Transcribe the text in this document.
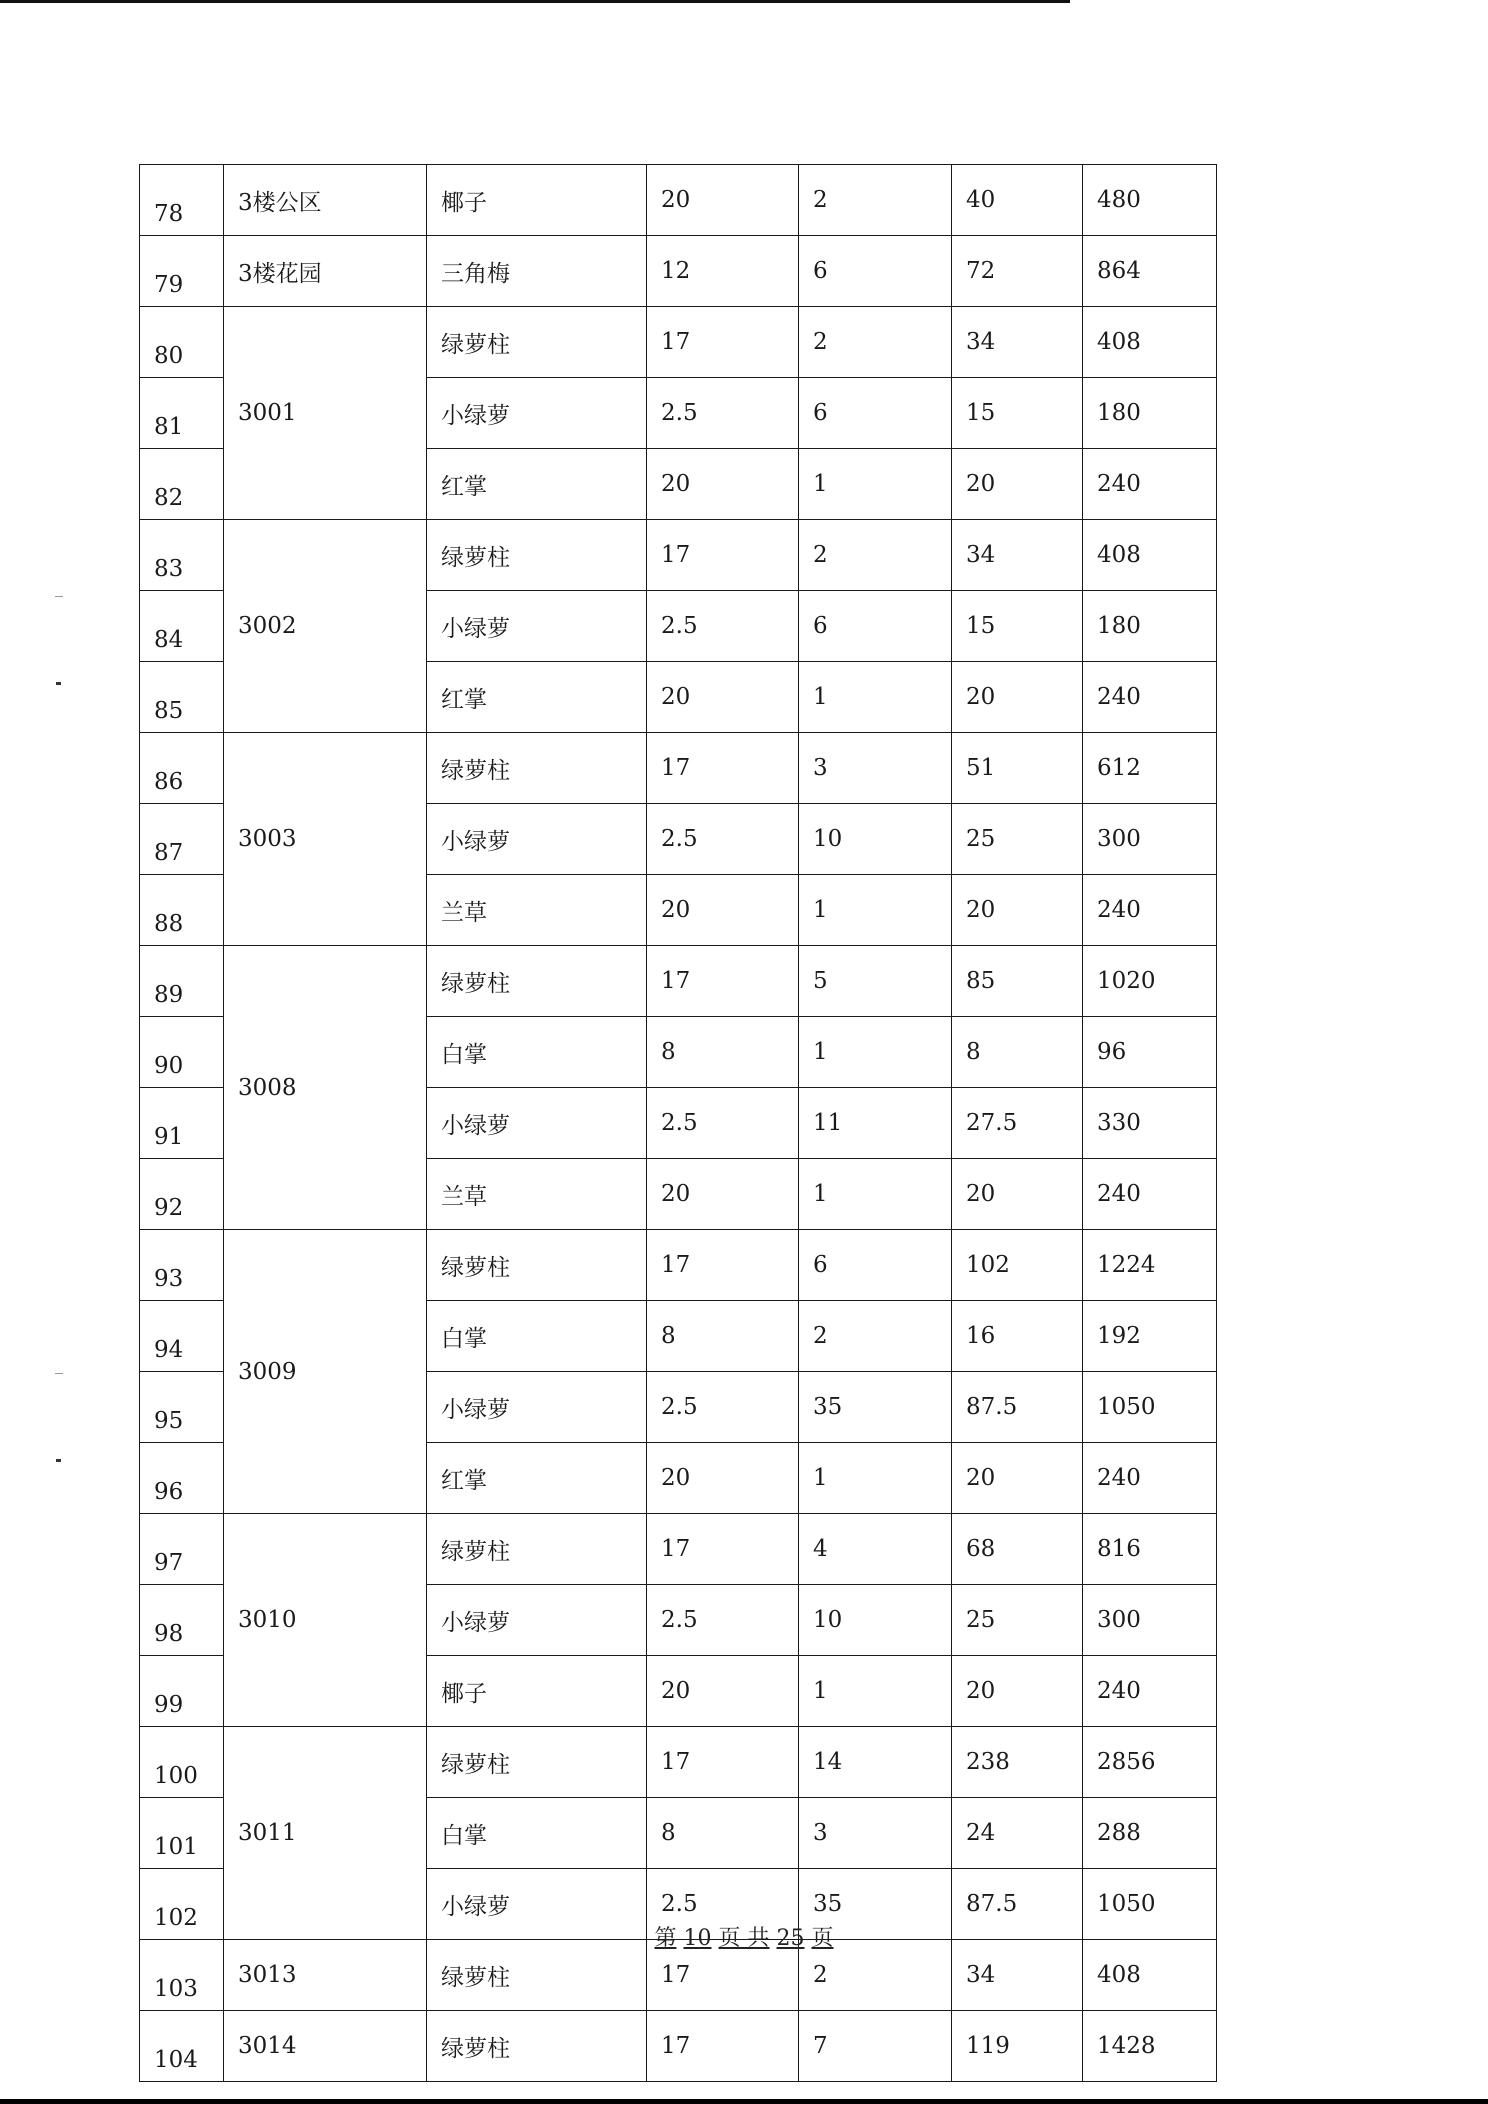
78	3楼公区	椰子	20	2	40	480
79	3楼花园	三角梅	12	6	72	864
80	3001	绿萝柱	17	2	34	408
81		小绿萝	2.5	6	15	180
82		红掌	20	1	20	240
83	3002	绿萝柱	17	2	34	408
84		小绿萝	2.5	6	15	180
85		红掌	20	1	20	240
86	3003	绿萝柱	17	3	51	612
87		小绿萝	2.5	10	25	300
88		兰草	20	1	20	240
89	3008	绿萝柱	17	5	85	1020
90		白掌	8	1	8	96
91		小绿萝	2.5	11	27.5	330
92		兰草	20	1	20	240
93	3009	绿萝柱	17	6	102	1224
94		白掌	8	2	16	192
95		小绿萝	2.5	35	87.5	1050
96		红掌	20	1	20	240
97	3010	绿萝柱	17	4	68	816
98		小绿萝	2.5	10	25	300
99		椰子	20	1	20	240
100	3011	绿萝柱	17	14	238	2856
101		白掌	8	3	24	288
102		小绿萝	2.5	35	87.5	1050
103	3013	绿萝柱	17	2	34	408
104	3014	绿萝柱	17	7	119	1428
第 10 页 共 25 页
